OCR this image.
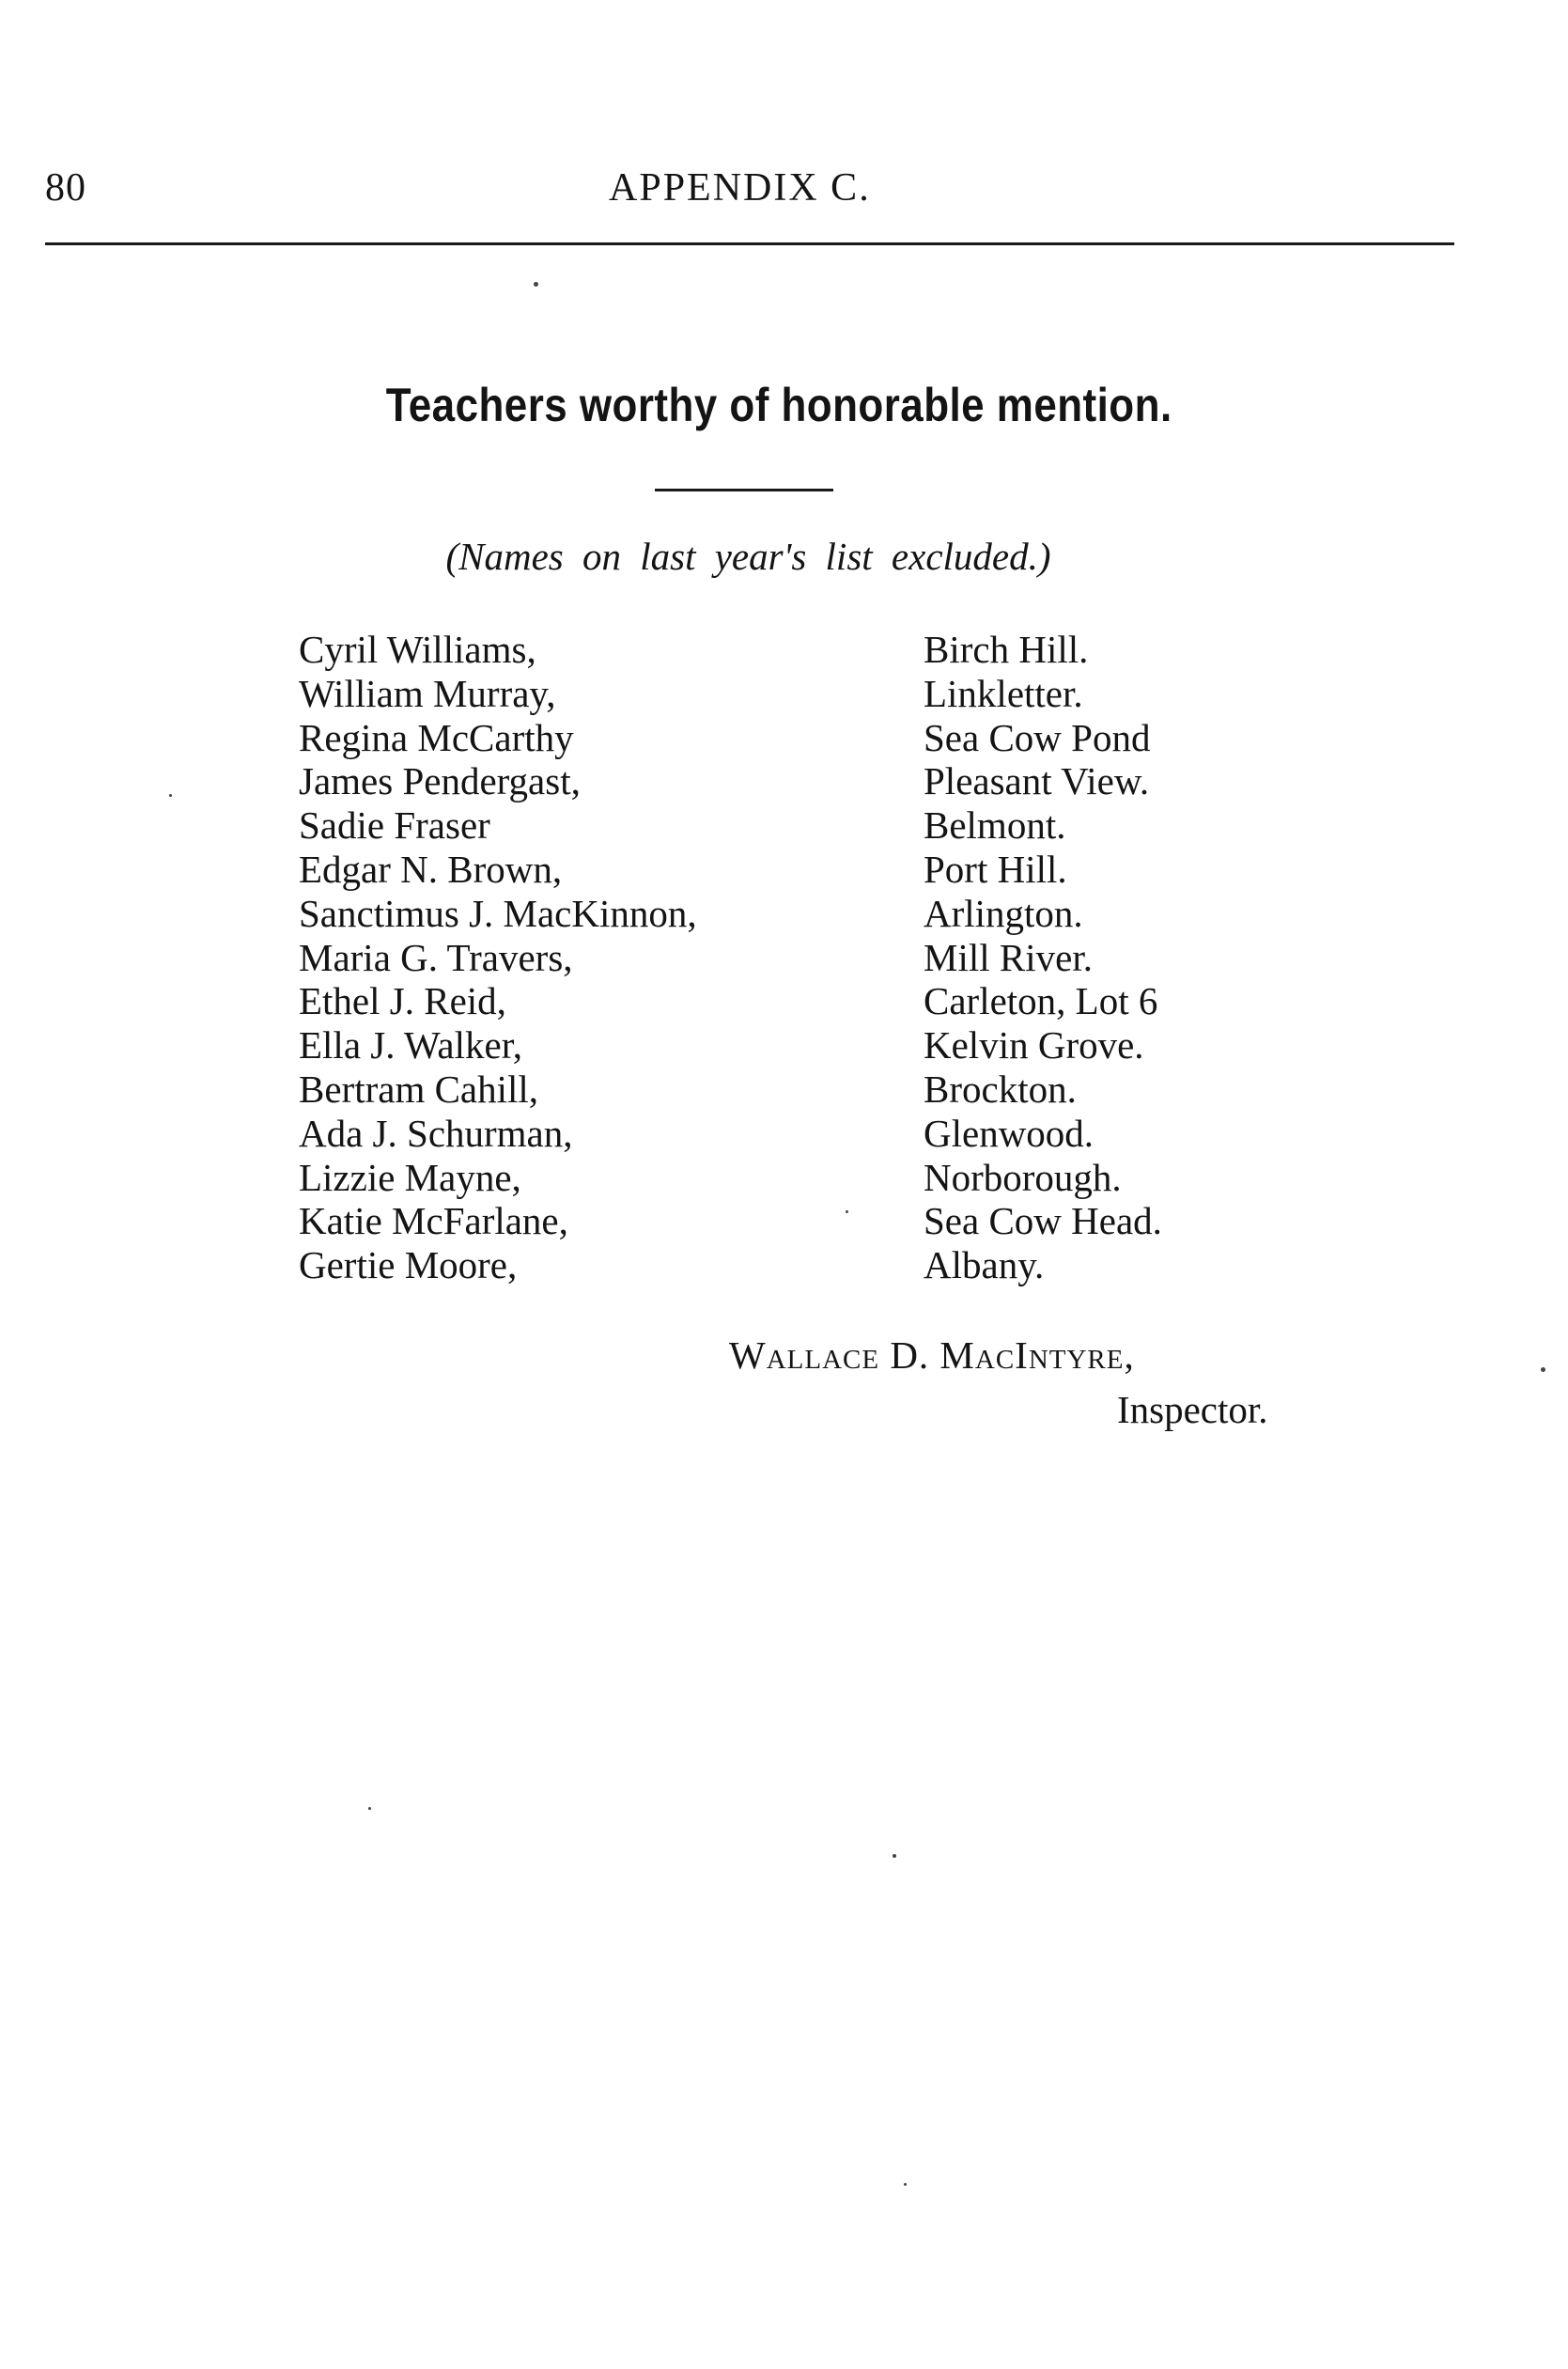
80	APPENDIX C.
Teachers worthy of honorable mention.
(Names on last year's list excluded.)
Cyril Williams,	Birch Hill.
William Murray,	Linkletter.
Regina McCarthy	Sea Cow Pond
James Pendergast,	Pleasant View.
Sadie Fraser	Belmont.
Edgar N. Brown,	Port Hill.
Sanctimus J. MacKinnon,	Arlington.
Maria G. Travers,	Mill River.
Ethel J. Reid,	Carleton, Lot 6
Ella J. Walker,	Kelvin Grove.
Bertram Cahill,	Brockton.
Ada J. Schurman,	Glenwood.
Lizzie Mayne,	Norborough.
Katie McFarlane,	Sea Cow Head.
Gertie Moore,	Albany.
Wallace D. MacIntyre,
Inspector.
